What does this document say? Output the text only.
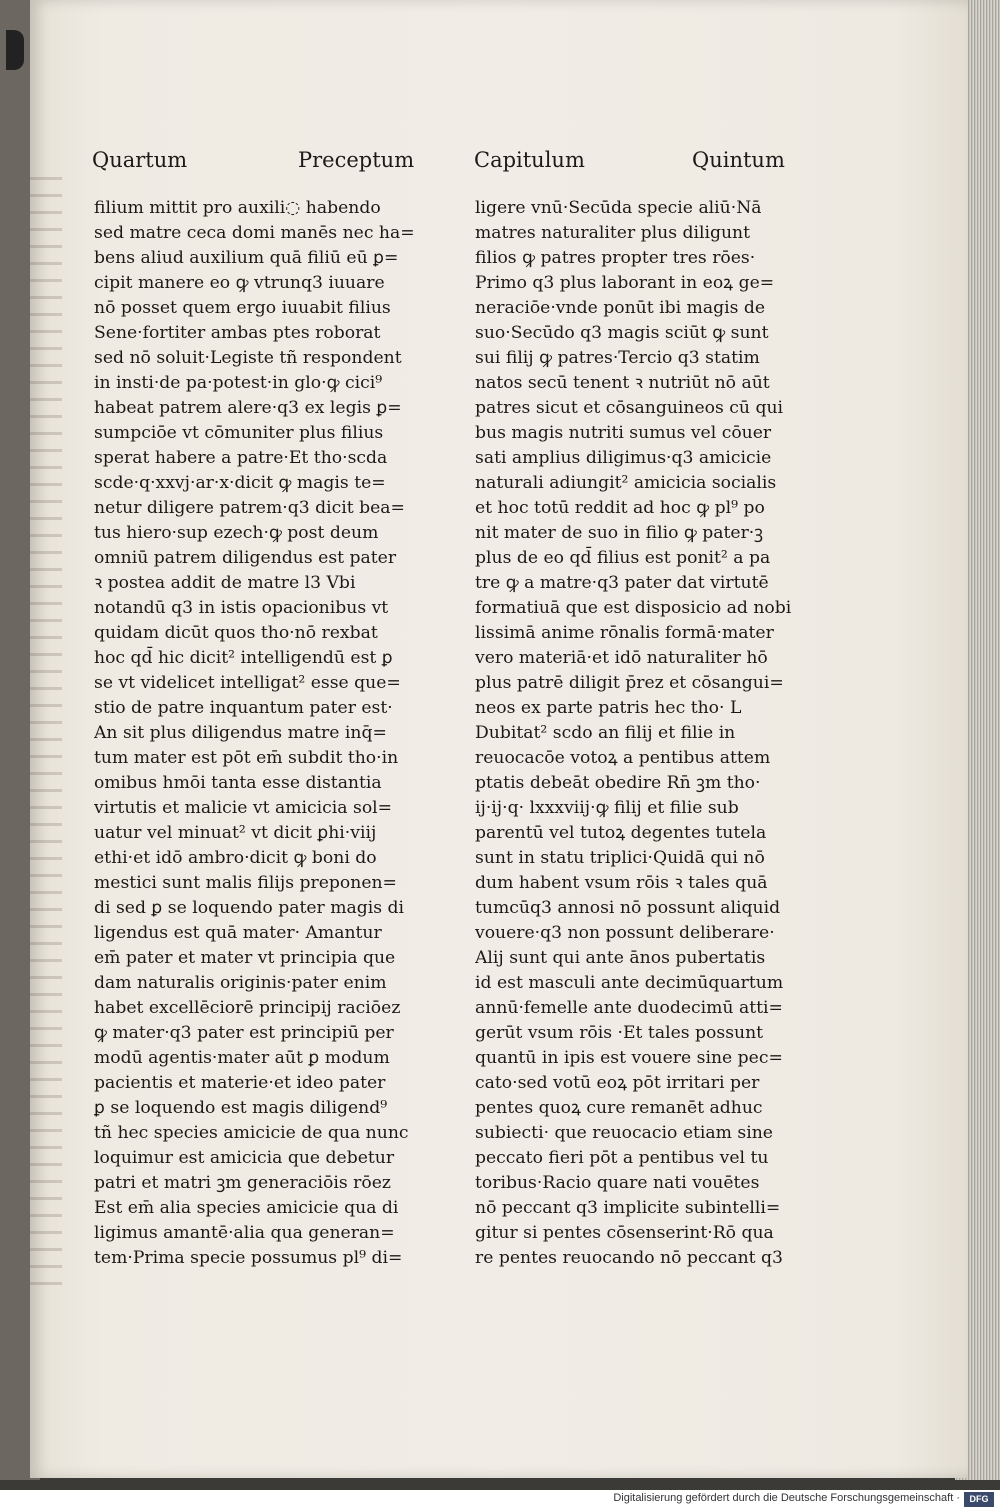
Quartum	Preceptum	Capitulum	Quintum
filium mittit pro auxili◌ habendo
sed matre ceca domi manēs nec ha=
bens aliud auxilium quā filiū eū ꝑ=
cipit manere eo ꝙ vtrunq3 iuuare
nō posset quem ergo iuuabit filius
Sene·fortiter ambas ptes roborat
sed nō soluit·Legiste tñ respondent
in insti·de pa·potest·in glo·ꝙ cici⁹
habeat patrem alere·q3 ex legis ꝑ=
sumpciōe vt cōmuniter plus filius
sperat habere a patre·Et tho·scda
scde·q·xxvj·ar·x·dicit ꝙ magis te=
netur diligere patrem·q3 dicit bea=
tus hiero·sup ezech·ꝙ post deum
omniū patrem diligendus est pater
ꝛ postea addit de matre l3 Vbi
notandū q3 in istis opacionibus vt
quidam dicūt quos tho·nō rexbat
hoc qd̄ hic dicit² intelligendū est ꝑ
se vt videlicet intelligat² esse que=
stio de patre inquantum pater est·
An sit plus diligendus matre inq̄=
tum mater est pōt em̄ subdit tho·in
omibus hmōi tanta esse distantia
virtutis et malicie vt amicicia sol=
uatur vel minuat² vt dicit ꝑhi·viij
ethi·et idō ambro·dicit ꝙ boni do
mestici sunt malis filijs preponen=
di sed ꝑ se loquendo pater magis di
ligendus est quā mater· Amantur
em̄ pater et mater vt principia que
dam naturalis originis·pater enim
habet excellēciorē principij raciōez
ꝙ mater·q3 pater est principiū per
modū agentis·mater aūt ꝑ modum
pacientis et materie·et ideo pater
ꝑ se loquendo est magis diligend⁹
tñ hec species amicicie de qua nunc
loquimur est amicicia que debetur
patri et matri ꝫm generaciōis rōez
Est em̄ alia species amicicie qua di
ligimus amantē·alia qua generan=
tem·Prima specie possumus pl⁹ di=
ligere vnū·Secūda specie aliū·Nā
matres naturaliter plus diligunt
filios ꝙ patres propter tres rōes·
Primo q3 plus laborant in eoꝝ ge=
neraciōe·vnde ponūt ibi magis de
suo·Secūdo q3 magis sciūt ꝙ sunt
sui filij ꝙ patres·Tercio q3 statim
natos secū tenent ꝛ nutriūt nō aūt
patres sicut et cōsanguineos cū qui
bus magis nutriti sumus vel cōuer
sati amplius diligimus·q3 amicicie
naturali adiungit² amicicia socialis
et hoc totū reddit ad hoc ꝙ pl⁹ po
nit mater de suo in filio ꝙ pater·ꝫ
plus de eo qd̄ filius est ponit² a pa
tre ꝙ a matre·q3 pater dat virtutē
formatiuā que est disposicio ad nobi
lissimā anime rōnalis formā·mater
vero materiā·et idō naturaliter hō
plus patrē diligit p̄rez et cōsangui=
neos ex parte patris hec tho· L
Dubitat² scdo an filij et filie in
reuocacōe votoꝝ a pentibus attem
ptatis debeāt obedire Rn̄ ꝫm tho·
ij·ij·q· lxxxviij·ꝙ filij et filie sub
parentū vel tutoꝝ degentes tutela
sunt in statu triplici·Quidā qui nō
dum habent vsum rōis ꝛ tales quā
tumcūq3 annosi nō possunt aliquid
vouere·q3 non possunt deliberare·
Alij sunt qui ante ānos pubertatis
id est masculi ante decimūquartum
annū·femelle ante duodecimū atti=
gerūt vsum rōis ·Et tales possunt
quantū in ipis est vouere sine pec=
cato·sed votū eoꝝ pōt irritari per
pentes quoꝝ cure remanēt adhuc
subiecti· que reuocacio etiam sine
peccato fieri pōt a pentibus vel tu
toribus·Racio quare nati vouētes
nō peccant q3 implicite subintelli=
gitur si pentes cōsenserint·Rō qua
re pentes reuocando nō peccant q3
Digitalisierung gefördert durch die Deutsche Forschungsgemeinschaft ·	DFG
